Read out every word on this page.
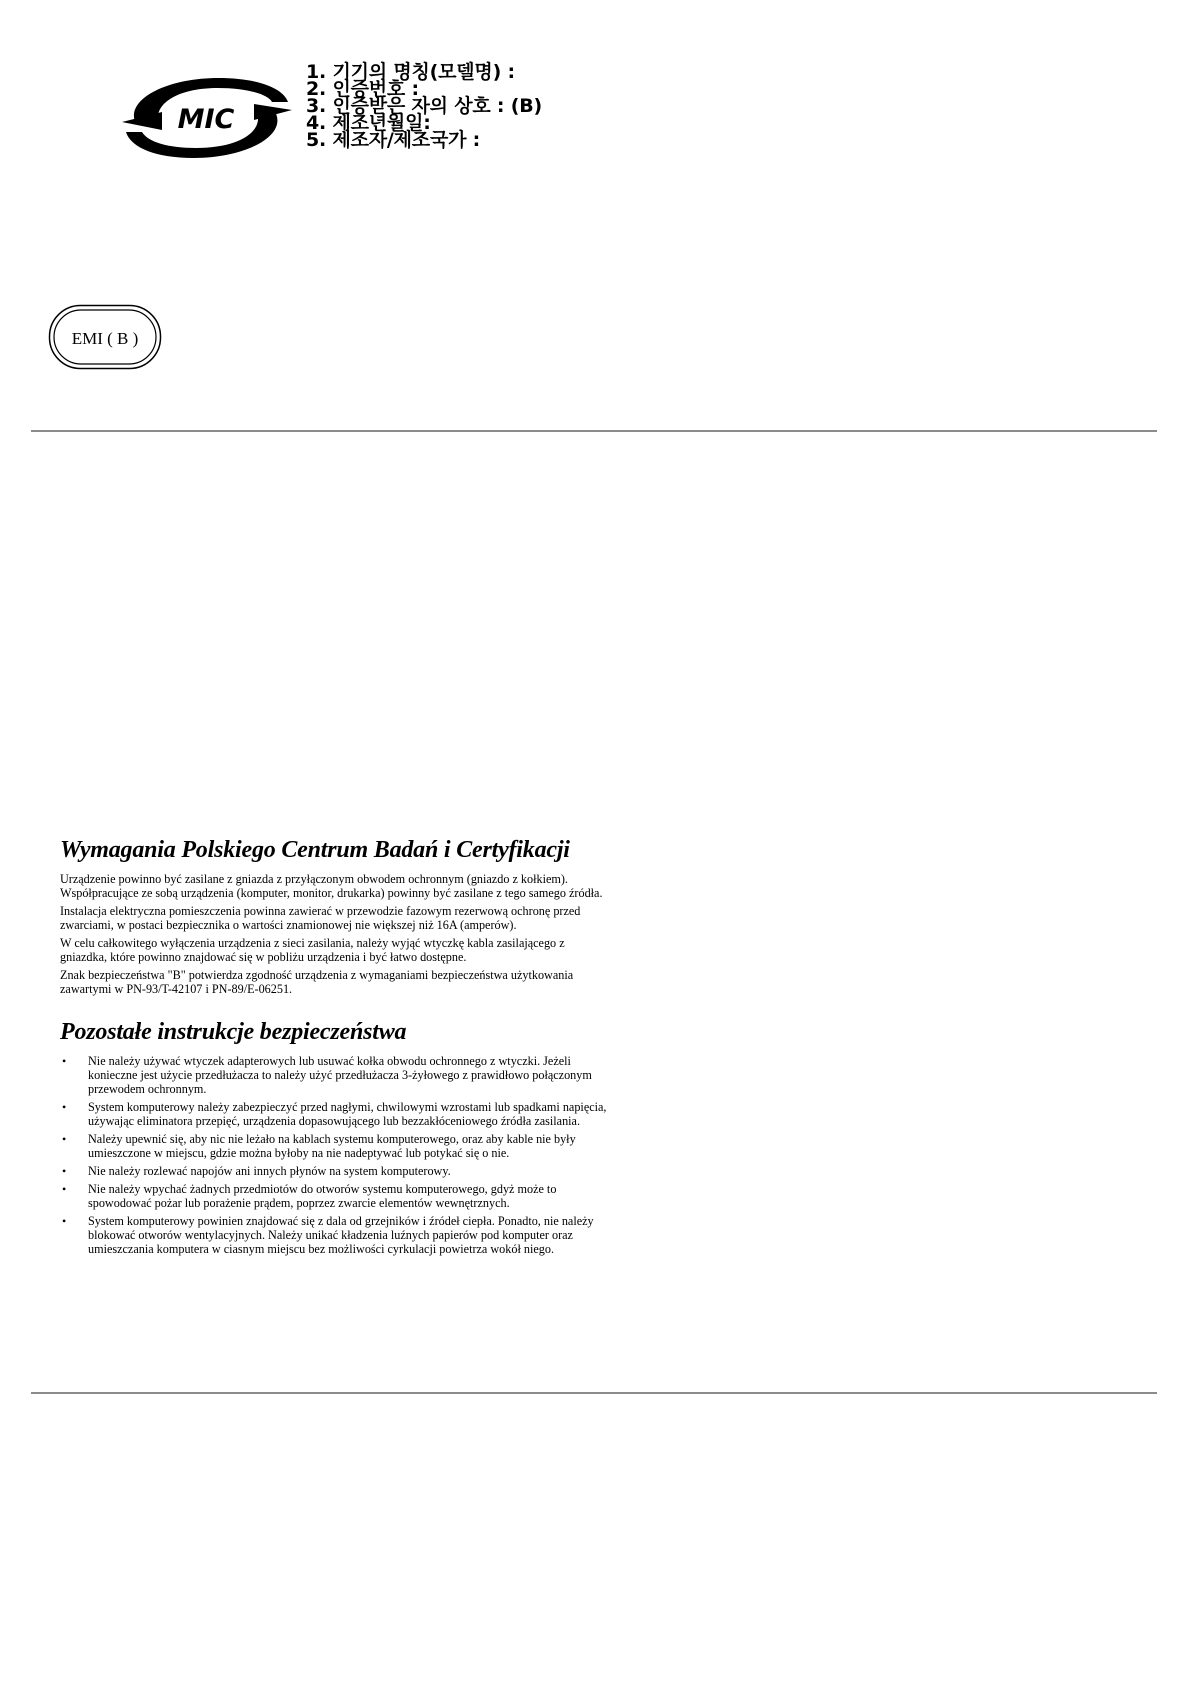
MIC
1. 기기의 명칭(모델명) :
2. 인증번호 :
3. 인증받은 자의 상호 : (B)
4. 제조년월일:
5. 제조자/제조국가 :
EMI ( B )
Wymagania Polskiego Centrum Badań i Certyfikacji

Urządzenie powinno być zasilane z gniazda z przyłączonym obwodem ochronnym (gniazdo z kołkiem). Współpracujące ze sobą urządzenia (komputer, monitor, drukarka) powinny być zasilane z tego samego źródła.

Instalacja elektryczna pomieszczenia powinna zawierać w przewodzie fazowym rezerwową ochronę przed zwarciami, w postaci bezpiecznika o wartości znamionowej nie większej niż 16A (amperów).

W celu całkowitego wyłączenia urządzenia z sieci zasilania, należy wyjąć wtyczkę kabla zasilającego z gniazdka, które powinno znajdować się w pobliżu urządzenia i być łatwo dostępne.

Znak bezpieczeństwa "B" potwierdza zgodność urządzenia z wymaganiami bezpieczeństwa użytkowania zawartymi w PN-93/T-42107 i PN-89/E-06251.

Pozostałe instrukcje bezpieczeństwa
• Nie należy używać wtyczek adapterowych lub usuwać kołka obwodu ochronnego z wtyczki. Jeżeli konieczne jest użycie przedłużacza to należy użyć przedłużacza 3-żyłowego z prawidłowo połączonym przewodem ochronnym.
• System komputerowy należy zabezpieczyć przed nagłymi, chwilowymi wzrostami lub spadkami napięcia, używając eliminatora przepięć, urządzenia dopasowującego lub bezzakłóceniowego źródła zasilania.
• Należy upewnić się, aby nic nie leżało na kablach systemu komputerowego, oraz aby kable nie były umieszczone w miejscu, gdzie można byłoby na nie nadeptywać lub potykać się o nie.
• Nie należy rozlewać napojów ani innych płynów na system komputerowy.
• Nie należy wpychać żadnych przedmiotów do otworów systemu komputerowego, gdyż może to spowodować pożar lub porażenie prądem, poprzez zwarcie elementów wewnętrznych.
• System komputerowy powinien znajdować się z dala od grzejników i źródeł ciepła. Ponadto, nie należy blokować otworów wentylacyjnych. Należy unikać kładzenia luźnych papierów pod komputer oraz umieszczania komputera w ciasnym miejscu bez możliwości cyrkulacji powietrza wokół niego.
